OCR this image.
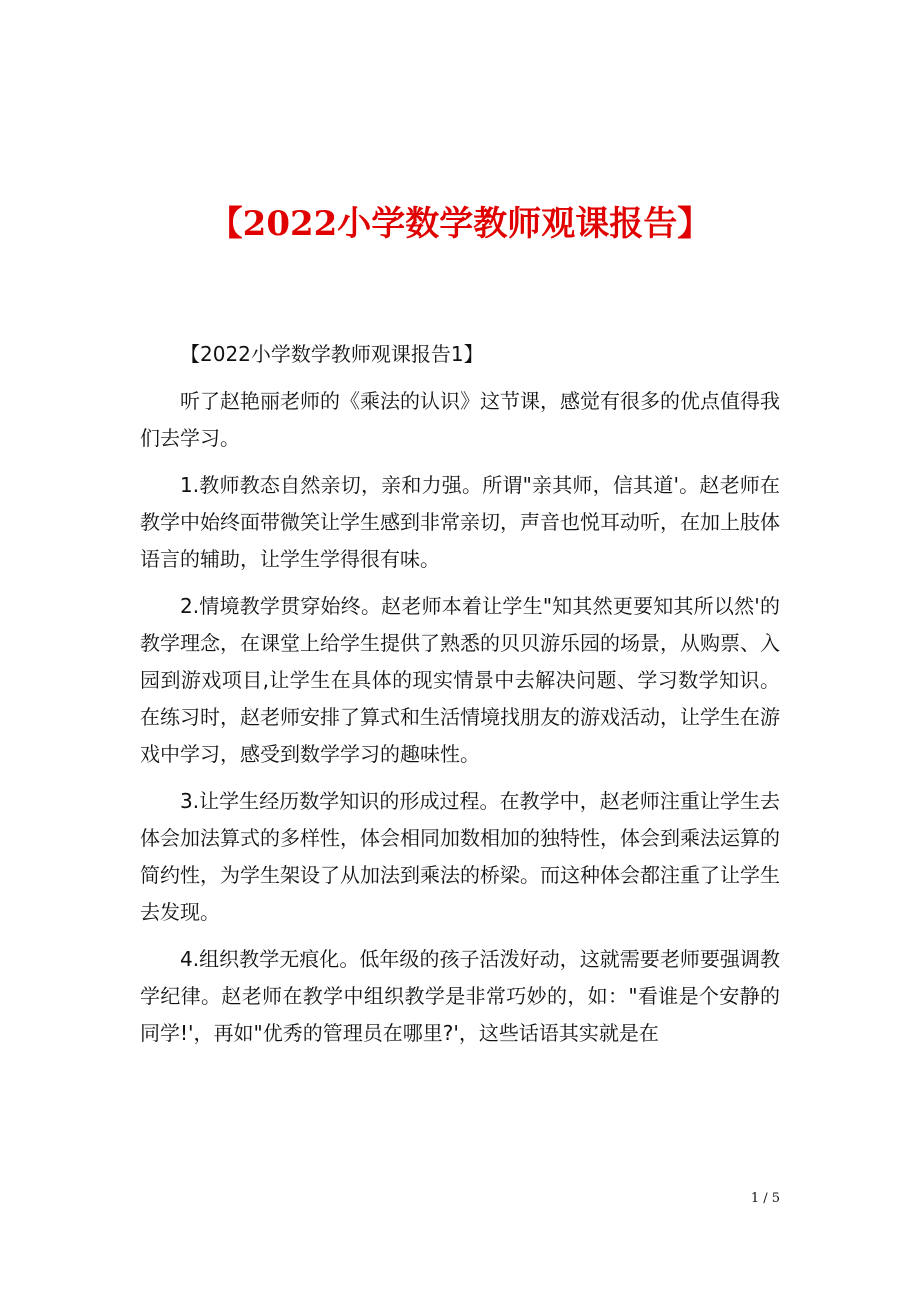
【2022小学数学教师观课报告】

【2022小学数学教师观课报告1】

听了赵艳丽老师的《乘法的认识》这节课，感觉有很多的优点值得我们去学习。

1.教师教态自然亲切，亲和力强。所谓"亲其师，信其道'。赵老师在教学中始终面带微笑让学生感到非常亲切，声音也悦耳动听，在加上肢体语言的辅助，让学生学得很有味。

2.情境教学贯穿始终。赵老师本着让学生"知其然更要知其所以然'的教学理念，在课堂上给学生提供了熟悉的贝贝游乐园的场景，从购票、入园到游戏项目,让学生在具体的现实情景中去解决问题、学习数学知识。在练习时，赵老师安排了算式和生活情境找朋友的游戏活动，让学生在游戏中学习，感受到数学学习的趣味性。

3.让学生经历数学知识的形成过程。在教学中，赵老师注重让学生去体会加法算式的多样性，体会相同加数相加的独特性，体会到乘法运算的简约性，为学生架设了从加法到乘法的桥梁。而这种体会都注重了让学生去发现。

4.组织教学无痕化。低年级的孩子活泼好动，这就需要老师要强调教学纪律。赵老师在教学中组织教学是非常巧妙的，如："看谁是个安静的同学!'，再如"优秀的管理员在哪里?'，这些话语其实就是在

1 / 5
